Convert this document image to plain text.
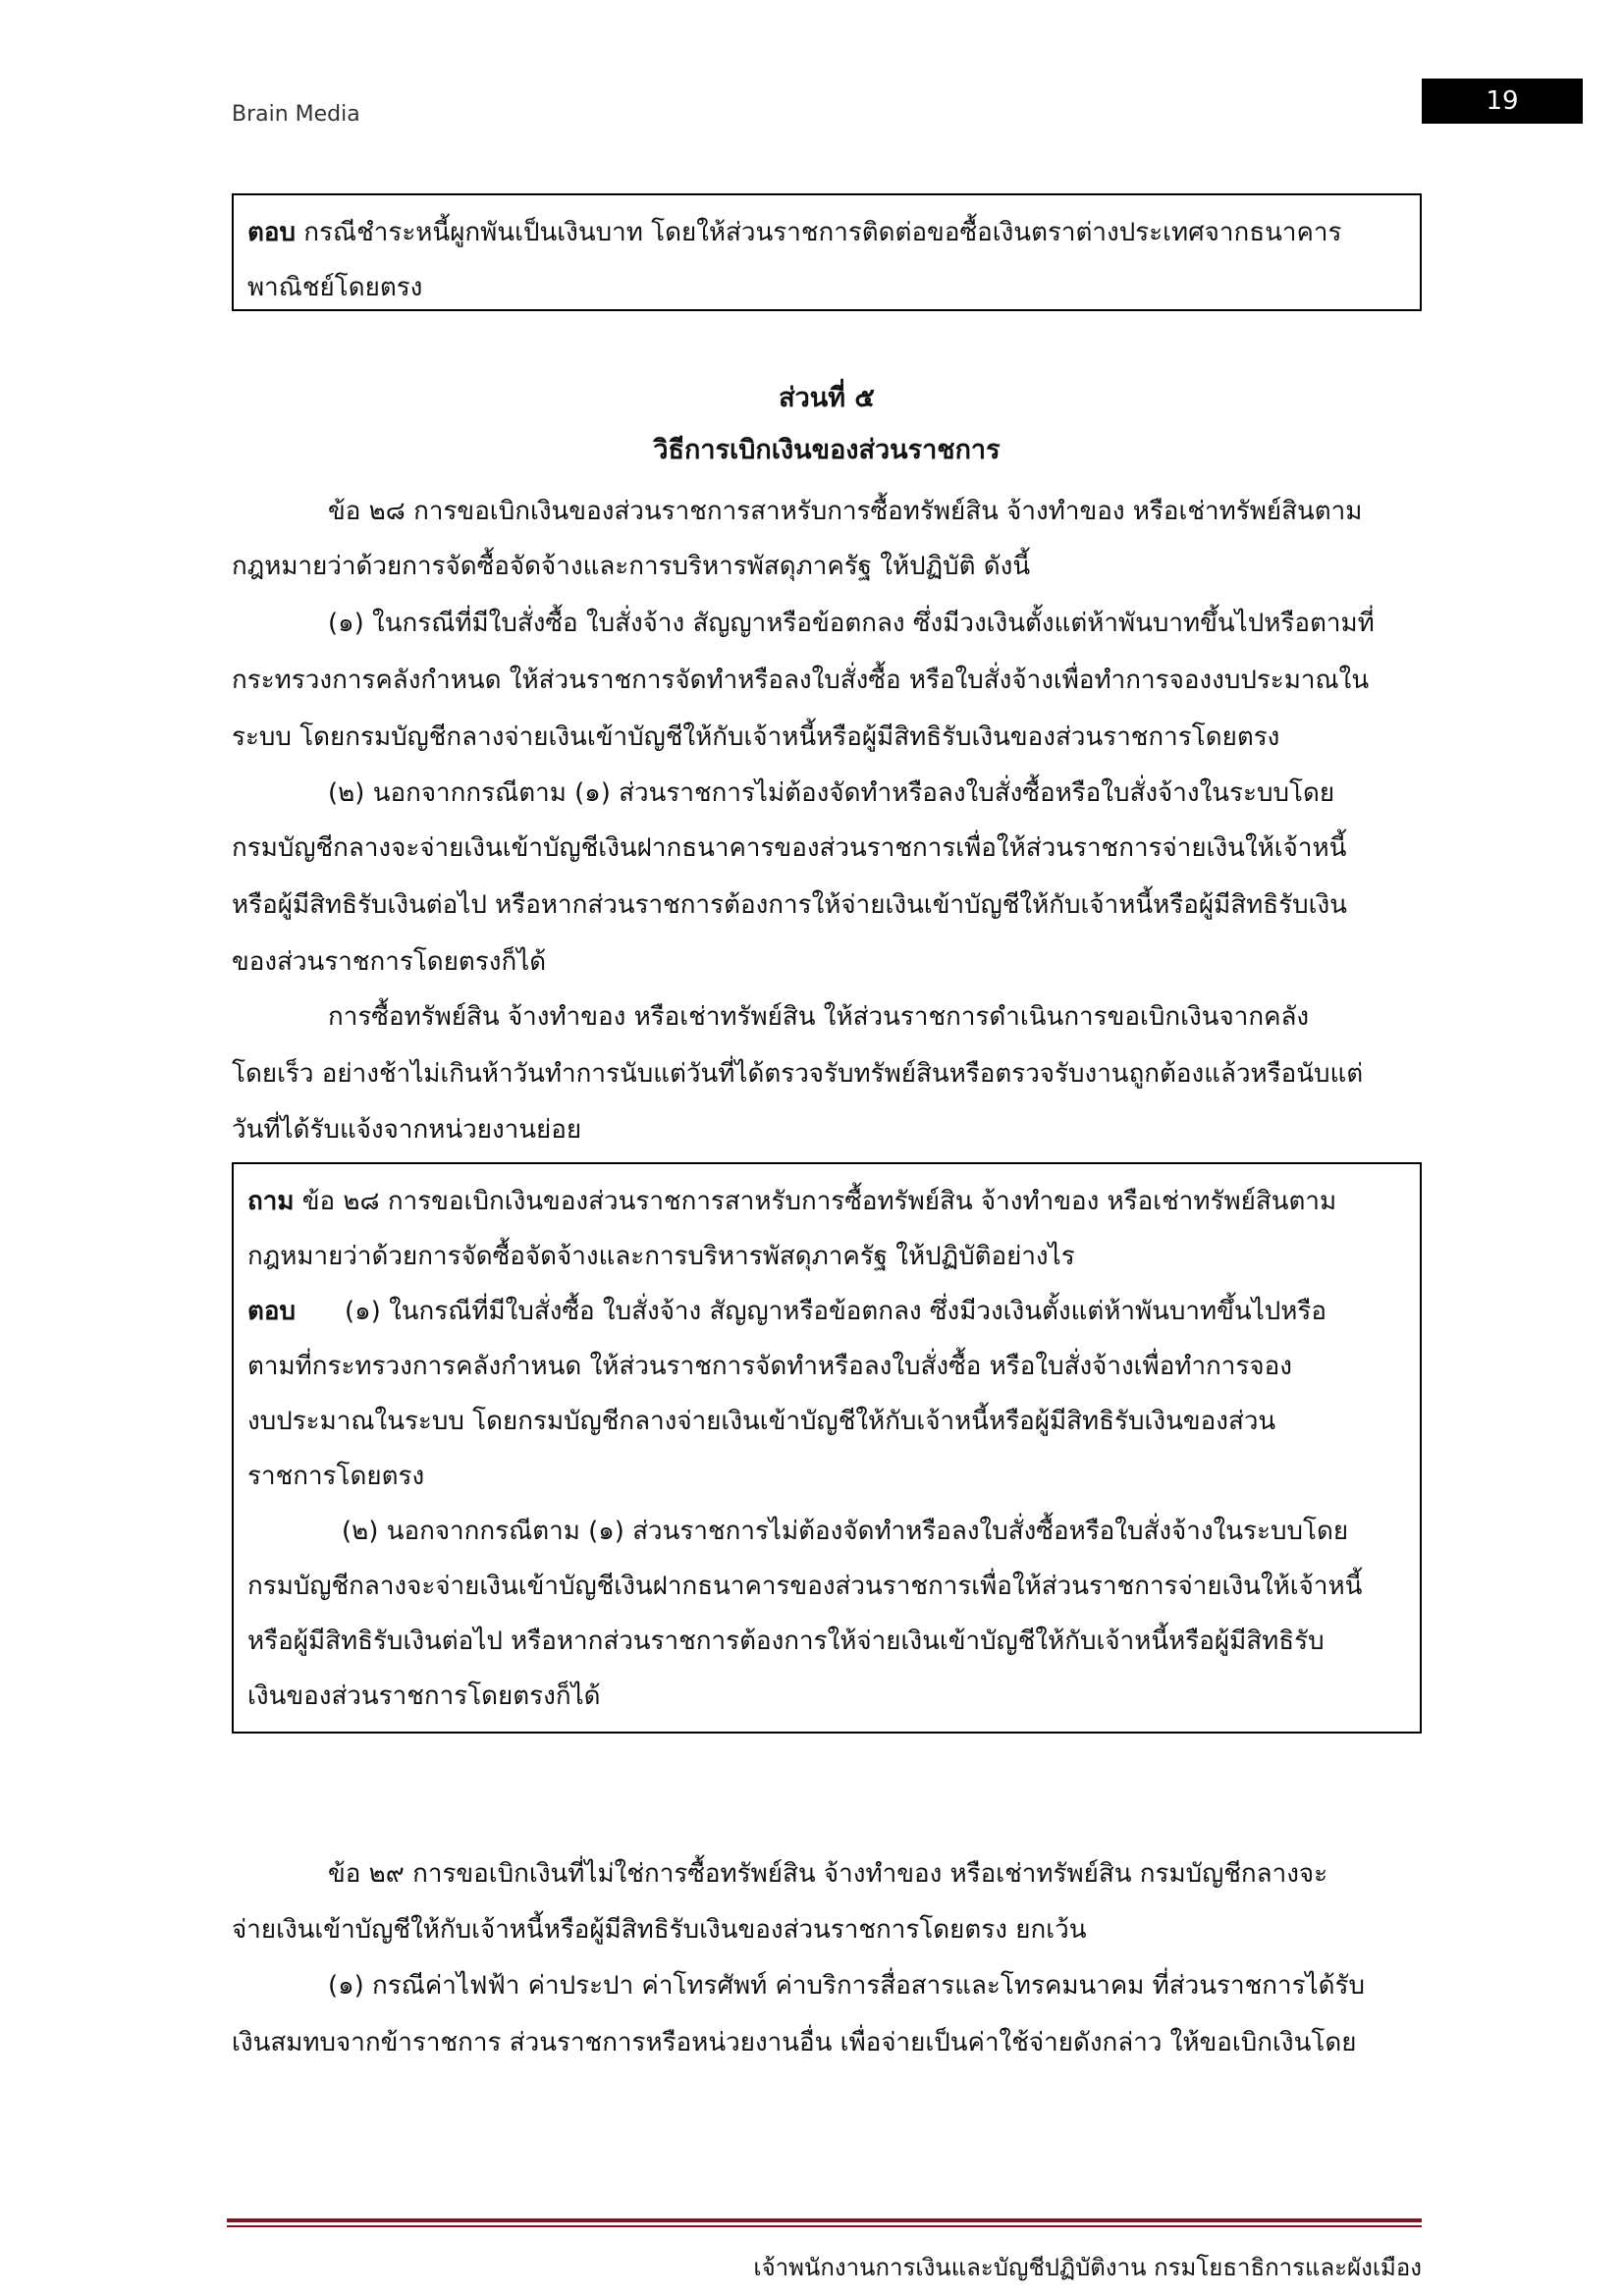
Brain Media	19
ตอบ กรณีชำระหนี้ผูกพันเป็นเงินบาท โดยให้ส่วนราชการติดต่อขอซื้อเงินตราต่างประเทศจากธนาคาร
พาณิชย์โดยตรง
ส่วนที่ ๕
วิธีการเบิกเงินของส่วนราชการ
ข้อ ๒๘ การขอเบิกเงินของส่วนราชการสาหรับการซื้อทรัพย์สิน จ้างทำของ หรือเช่าทรัพย์สินตาม
กฎหมายว่าด้วยการจัดซื้อจัดจ้างและการบริหารพัสดุภาครัฐ ให้ปฏิบัติ ดังนี้
(๑) ในกรณีที่มีใบสั่งซื้อ ใบสั่งจ้าง สัญญาหรือข้อตกลง ซึ่งมีวงเงินตั้งแต่ห้าพันบาทขึ้นไปหรือตามที่
กระทรวงการคลังกำหนด ให้ส่วนราชการจัดทำหรือลงใบสั่งซื้อ หรือใบสั่งจ้างเพื่อทำการจองงบประมาณใน
ระบบ โดยกรมบัญชีกลางจ่ายเงินเข้าบัญชีให้กับเจ้าหนี้หรือผู้มีสิทธิรับเงินของส่วนราชการโดยตรง
(๒) นอกจากกรณีตาม (๑) ส่วนราชการไม่ต้องจัดทำหรือลงใบสั่งซื้อหรือใบสั่งจ้างในระบบโดย
กรมบัญชีกลางจะจ่ายเงินเข้าบัญชีเงินฝากธนาคารของส่วนราชการเพื่อให้ส่วนราชการจ่ายเงินให้เจ้าหนี้
หรือผู้มีสิทธิรับเงินต่อไป หรือหากส่วนราชการต้องการให้จ่ายเงินเข้าบัญชีให้กับเจ้าหนี้หรือผู้มีสิทธิรับเงิน
ของส่วนราชการโดยตรงก็ได้
การซื้อทรัพย์สิน จ้างทำของ หรือเช่าทรัพย์สิน ให้ส่วนราชการดำเนินการขอเบิกเงินจากคลัง
โดยเร็ว อย่างช้าไม่เกินห้าวันทำการนับแต่วันที่ได้ตรวจรับทรัพย์สินหรือตรวจรับงานถูกต้องแล้วหรือนับแต่
วันที่ได้รับแจ้งจากหน่วยงานย่อย
ถาม ข้อ ๒๘ การขอเบิกเงินของส่วนราชการสาหรับการซื้อทรัพย์สิน จ้างทำของ หรือเช่าทรัพย์สินตาม
กฎหมายว่าด้วยการจัดซื้อจัดจ้างและการบริหารพัสดุภาครัฐ ให้ปฏิบัติอย่างไร
ตอบ (๑) ในกรณีที่มีใบสั่งซื้อ ใบสั่งจ้าง สัญญาหรือข้อตกลง ซึ่งมีวงเงินตั้งแต่ห้าพันบาทขึ้นไปหรือ
ตามที่กระทรวงการคลังกำหนด ให้ส่วนราชการจัดทำหรือลงใบสั่งซื้อ หรือใบสั่งจ้างเพื่อทำการจอง
งบประมาณในระบบ โดยกรมบัญชีกลางจ่ายเงินเข้าบัญชีให้กับเจ้าหนี้หรือผู้มีสิทธิรับเงินของส่วน
ราชการโดยตรง
(๒) นอกจากกรณีตาม (๑) ส่วนราชการไม่ต้องจัดทำหรือลงใบสั่งซื้อหรือใบสั่งจ้างในระบบโดย
กรมบัญชีกลางจะจ่ายเงินเข้าบัญชีเงินฝากธนาคารของส่วนราชการเพื่อให้ส่วนราชการจ่ายเงินให้เจ้าหนี้
หรือผู้มีสิทธิรับเงินต่อไป หรือหากส่วนราชการต้องการให้จ่ายเงินเข้าบัญชีให้กับเจ้าหนี้หรือผู้มีสิทธิรับ
เงินของส่วนราชการโดยตรงก็ได้
ข้อ ๒๙ การขอเบิกเงินที่ไม่ใช่การซื้อทรัพย์สิน จ้างทำของ หรือเช่าทรัพย์สิน กรมบัญชีกลางจะ
จ่ายเงินเข้าบัญชีให้กับเจ้าหนี้หรือผู้มีสิทธิรับเงินของส่วนราชการโดยตรง ยกเว้น
(๑) กรณีค่าไฟฟ้า ค่าประปา ค่าโทรศัพท์ ค่าบริการสื่อสารและโทรคมนาคม ที่ส่วนราชการได้รับ
เงินสมทบจากข้าราชการ ส่วนราชการหรือหน่วยงานอื่น เพื่อจ่ายเป็นค่าใช้จ่ายดังกล่าว ให้ขอเบิกเงินโดย
เจ้าพนักงานการเงินและบัญชีปฏิบัติงาน กรมโยธาธิการและผังเมือง
